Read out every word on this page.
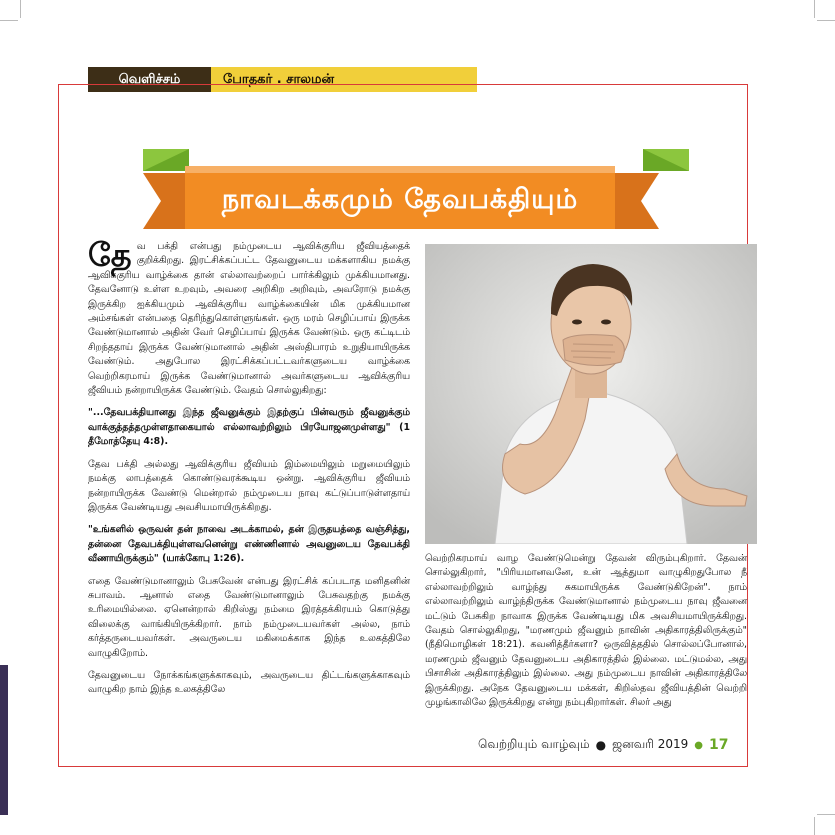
வெளிச்சம்	போதகர் . சாலமன்
நாவடக்கமும் தேவபக்தியும்

தே வ பக்தி என்பது நம்முடைய ஆவிக்குரிய ஜீவியத்தைக் குறிக்கிறது. இரட்சிக்கப்பட்ட தேவனுடைய மக்களாகிய நமக்கு ஆவிக்குரிய வாழ்க்கை தான் எல்லாவற்றைப் பார்க்கிலும் முக்கியமானது. தேவனோடு உள்ள உறவும், அவரை அறிகிற அறிவும், அவரோடு நமக்கு இருக்கிற ஐக்கியமும் ஆவிக்குரிய வாழ்க்கையின் மிக முக்கியமான அம்சங்கள் என்பதை தெரிந்துகொள்ளுங்கள். ஒரு மரம் செழிப்பாய் இருக்க வேண்டுமானால் அதின் வேர் செழிப்பாய் இருக்க வேண்டும். ஒரு கட்டிடம் சிறந்ததாய் இருக்க வேண்டுமானால் அதின் அஸ்திபாரம் உறுதியாயிருக்க வேண்டும். அதுபோல இரட்சிக்கப்பட்டவர்களுடைய வாழ்க்கை வெற்றிகரமாய் இருக்க வேண்டுமானால் அவர்களுடைய ஆவிக்குரிய ஜீவியம் நன்றாயிருக்க வேண்டும். வேதம் சொல்லுகிறது:

"...தேவபக்தியானது இந்த ஜீவனுக்கும் இதற்குப் பின்வரும் ஜீவனுக்கும் வாக்குத்தத்தமுள்ளதாகையால் எல்லாவற்றிலும் பிரயோஜனமுள்ளது" (1 தீமோத்தேயு 4:8).

தேவ பக்தி அல்லது ஆவிக்குரிய ஜீவியம் இம்மையிலும் மறுமையிலும் நமக்கு லாபத்தைக் கொண்டுவரக்கூடிய ஒன்று. ஆவிக்குரிய ஜீவியம் நன்றாயிருக்க வேண்டு மென்றால் நம்முடைய நாவு கட்டுப்பாடுள்ளதாய் இருக்க வேண்டியது அவசியமாயிருக்கிறது.

"உங்களில் ஒருவன் தன் நாவை அடக்காமல், தன் இருதயத்தை வஞ்சித்து, தன்னை தேவபக்தியுள்ளவனென்று எண்ணினால் அவனுடைய தேவபக்தி வீணாயிருக்கும்" (யாக்கோபு 1:26).

எதை வேண்டுமானாலும் பேசுவேன் என்பது இரட்சிக் கப்படாத மனிதனின் சுபாவம். ஆனால் எதை வேண்டுமானாலும் பேசுவதற்கு நமக்கு உரிமையில்லை. ஏனென்றால் கிறிஸ்து நம்மை இரத்தக்கிரயம் கொடுத்து விலைக்கு வாங்கியிருக்கிறார். நாம் நம்முடையவர்கள் அல்ல, நாம் கர்த்தருடையவர்கள். அவருடைய மகிமைக்காக இந்த உலகத்திலே வாழுகிறோம்.

தேவனுடைய நோக்கங்களுக்காகவும், அவருடைய திட்டங்களுக்காகவும் வாழுகிற நாம் இந்த உலகத்திலே

வெற்றிகரமாய் வாழ வேண்டுமென்று தேவன் விரும்புகிறார். தேவன் சொல்லுகிறார், "பிரியமானவனே, உன் ஆத்துமா வாழுகிறதுபோல நீ எல்லாவற்றிலும் வாழ்ந்து சுகமாயிருக்க வேண்டுகிறேன்". நாம் எல்லாவற்றிலும் வாழ்ந்திருக்க வேண்டுமானால் நம்முடைய நாவு ஜீவனை மட்டும் பேசுகிற நாவாக இருக்க வேண்டியது மிக அவசியமாயிருக்கிறது. வேதம் சொல்லுகிறது, "மரணமும் ஜீவனும் நாவின் அதிகாரத்திலிருக்கும்" (நீதிமொழிகள் 18:21). கவனித்தீர்களா? ஒருவித்ததில் சொல்லப்போனால், மரணமும் ஜீவனும் தேவனுடைய அதிகாரத்தில் இல்லை. மட்டுமல்ல, அது பிசாசின் அதிகாரத்திலும் இல்லை. அது நம்முடைய நாவின் அதிகாரத்திலே இருக்கிறது. அநேக தேவனுடைய மக்கள், கிறிஸ்தவ ஜீவியத்தின் வெற்றி முழங்காலிலே இருக்கிறது என்று நம்புகிறார்கள். சிலர் அது

வெற்றியும் வாழ்வும் ● ஜனவரி 2019 ● 17
